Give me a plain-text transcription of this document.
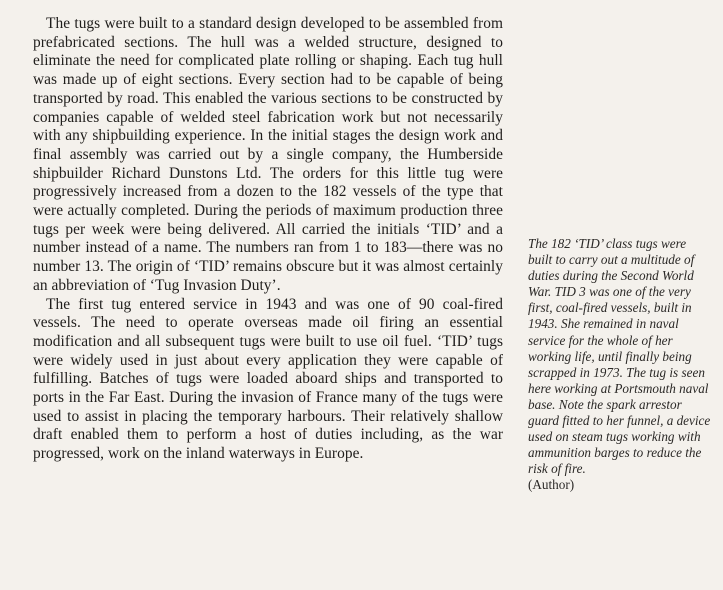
The tugs were built to a standard design developed to be assembled from prefabricated sections. The hull was a welded structure, designed to eliminate the need for complicated plate rolling or shaping. Each tug hull was made up of eight sections. Every section had to be capable of being transported by road. This enabled the various sections to be constructed by companies capable of welded steel fabrication work but not necessarily with any shipbuilding experience. In the initial stages the design work and final assembly was carried out by a single company, the Humberside shipbuilder Richard Dunstons Ltd. The orders for this little tug were progressively increased from a dozen to the 182 vessels of the type that were actually completed. During the periods of maximum production three tugs per week were being delivered. All carried the initials ‘TID’ and a number instead of a name. The numbers ran from 1 to 183—there was no number 13. The origin of ‘TID’ remains obscure but it was almost certainly an abbreviation of ‘Tug Invasion Duty’.

The first tug entered service in 1943 and was one of 90 coal-fired vessels. The need to operate overseas made oil firing an essential modification and all subsequent tugs were built to use oil fuel. ‘TID’ tugs were widely used in just about every application they were capable of fulfilling. Batches of tugs were loaded aboard ships and transported to ports in the Far East. During the invasion of France many of the tugs were used to assist in placing the temporary harbours. Their relatively shallow draft enabled them to perform a host of duties including, as the war progressed, work on the inland waterways in Europe.

The 182 ‘TID’ class tugs were built to carry out a multitude of duties during the Second World War. TID 3 was one of the very first, coal-fired vessels, built in 1943. She remained in naval service for the whole of her working life, until finally being scrapped in 1973. The tug is seen here working at Portsmouth naval base. Note the spark arrestor guard fitted to her funnel, a device used on steam tugs working with ammunition barges to reduce the risk of fire.
(Author)
